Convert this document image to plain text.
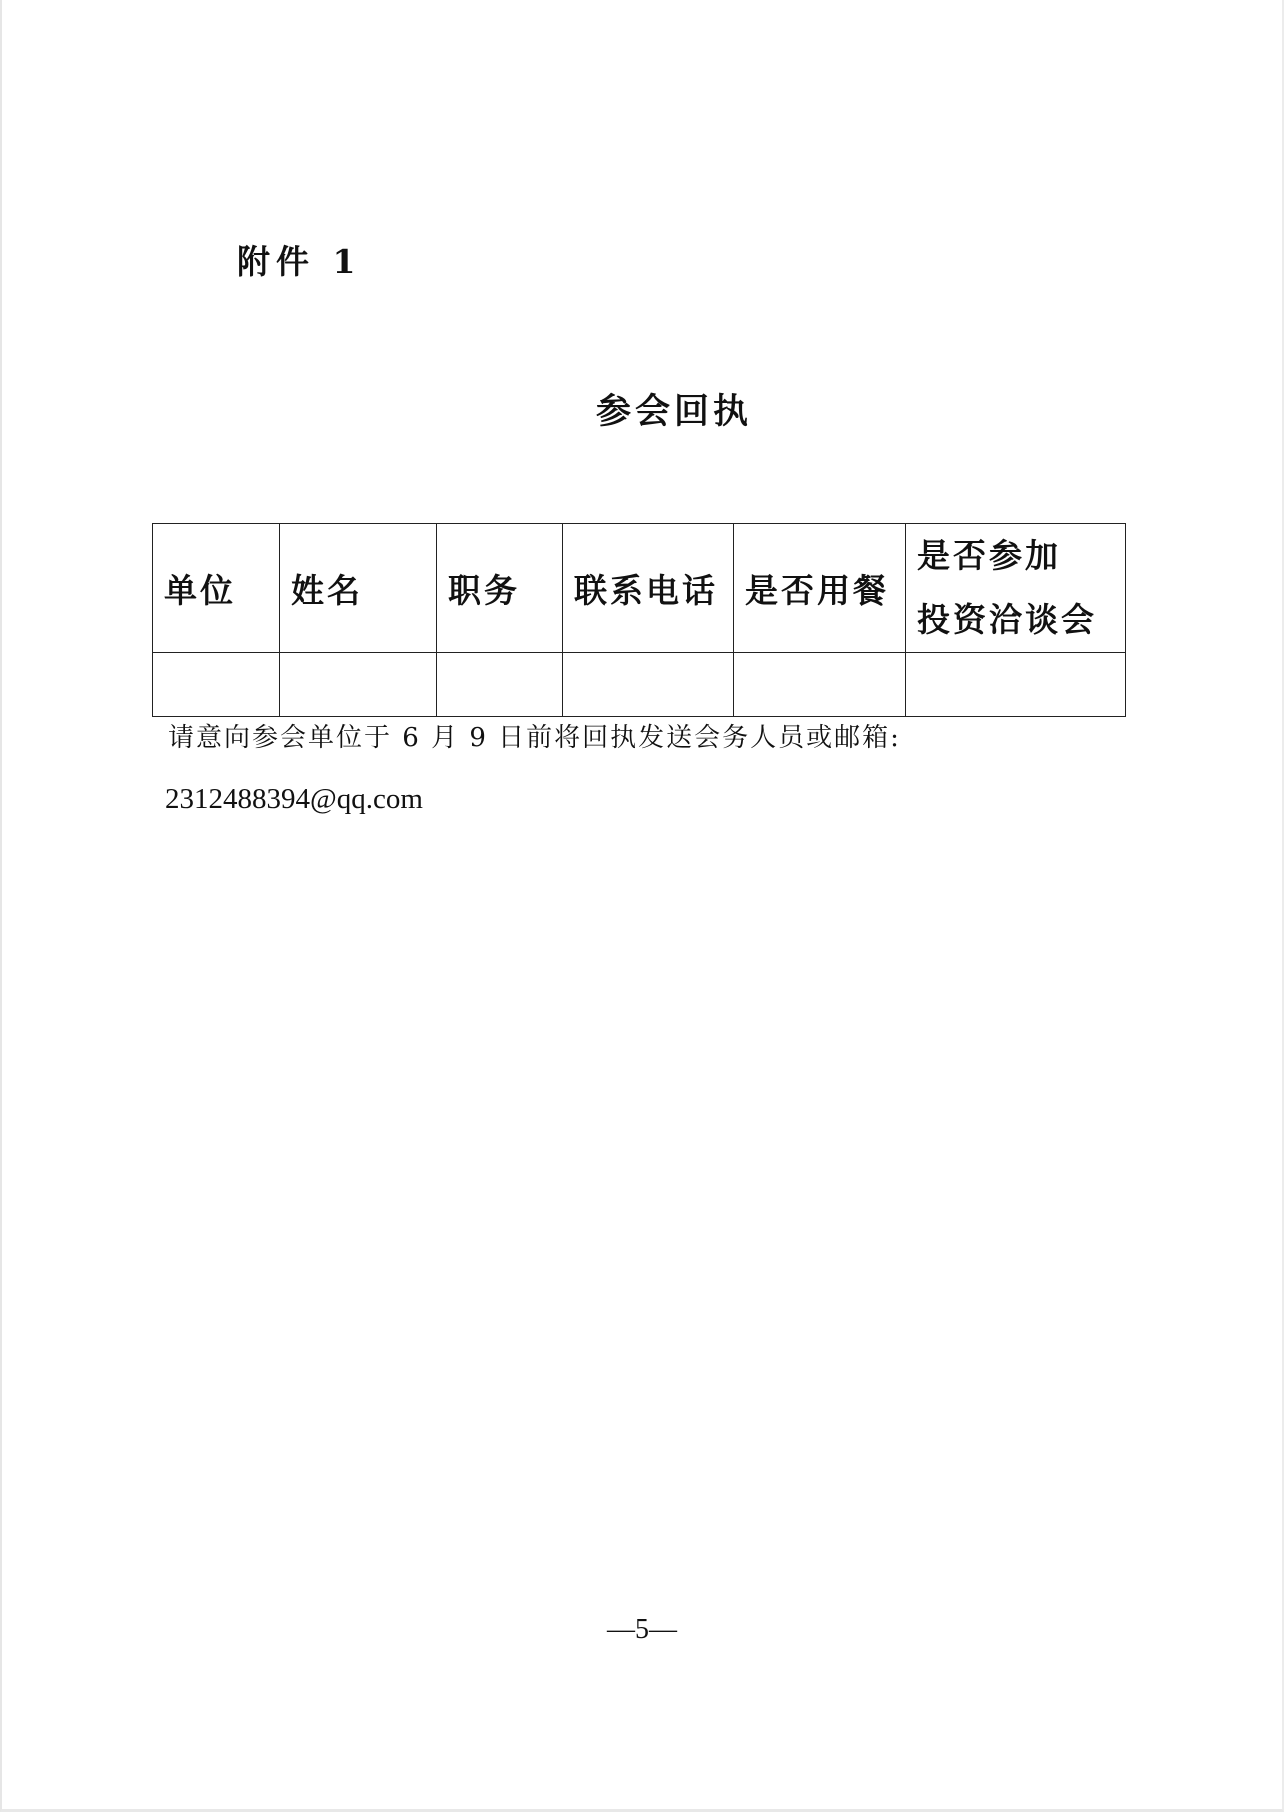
附件 1
参会回执
单位	姓名	职务	联系电话	是否用餐	是否参加
投资洽谈会

请意向参会单位于 6 月 9 日前将回执发送会务人员或邮箱:
2312488394@qq.com
—5—
